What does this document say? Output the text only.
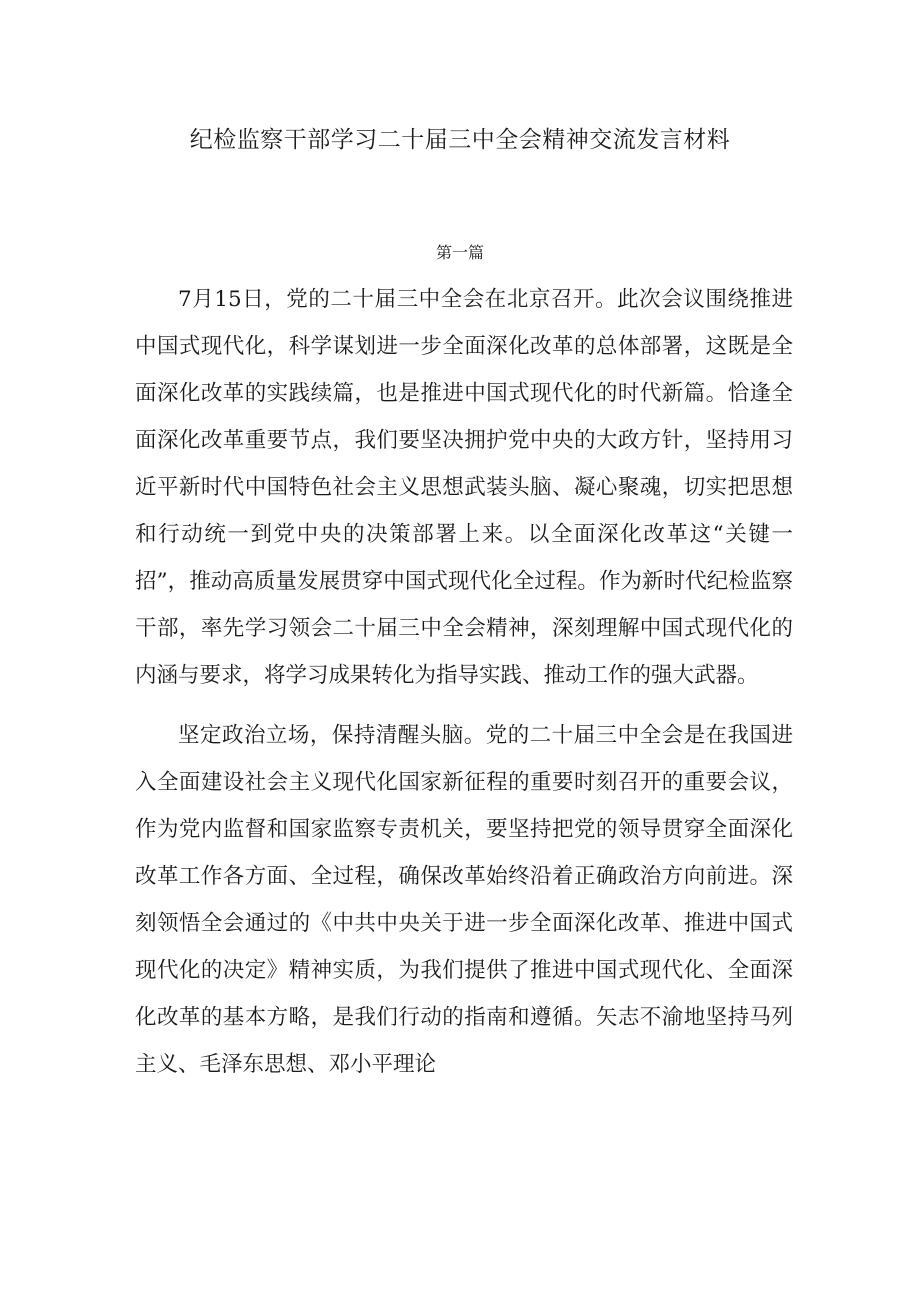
纪检监察干部学习二十届三中全会精神交流发言材料
第一篇

7月15日，党的二十届三中全会在北京召开。此次会议围绕推进中国式现代化，科学谋划进一步全面深化改革的总体部署，这既是全面深化改革的实践续篇，也是推进中国式现代化的时代新篇。恰逢全面深化改革重要节点，我们要坚决拥护党中央的大政方针，坚持用习近平新时代中国特色社会主义思想武装头脑、凝心聚魂，切实把思想和行动统一到党中央的决策部署上来。以全面深化改革这“关键一招”，推动高质量发展贯穿中国式现代化全过程。作为新时代纪检监察干部，率先学习领会二十届三中全会精神，深刻理解中国式现代化的内涵与要求，将学习成果转化为指导实践、推动工作的强大武器。

坚定政治立场，保持清醒头脑。党的二十届三中全会是在我国进入全面建设社会主义现代化国家新征程的重要时刻召开的重要会议，作为党内监督和国家监察专责机关，要坚持把党的领导贯穿全面深化改革工作各方面、全过程，确保改革始终沿着正确政治方向前进。深刻领悟全会通过的《中共中央关于进一步全面深化改革、推进中国式现代化的决定》精神实质，为我们提供了推进中国式现代化、全面深化改革的基本方略，是我们行动的指南和遵循。矢志不渝地坚持马列主义、毛泽东思想、邓小平理论
